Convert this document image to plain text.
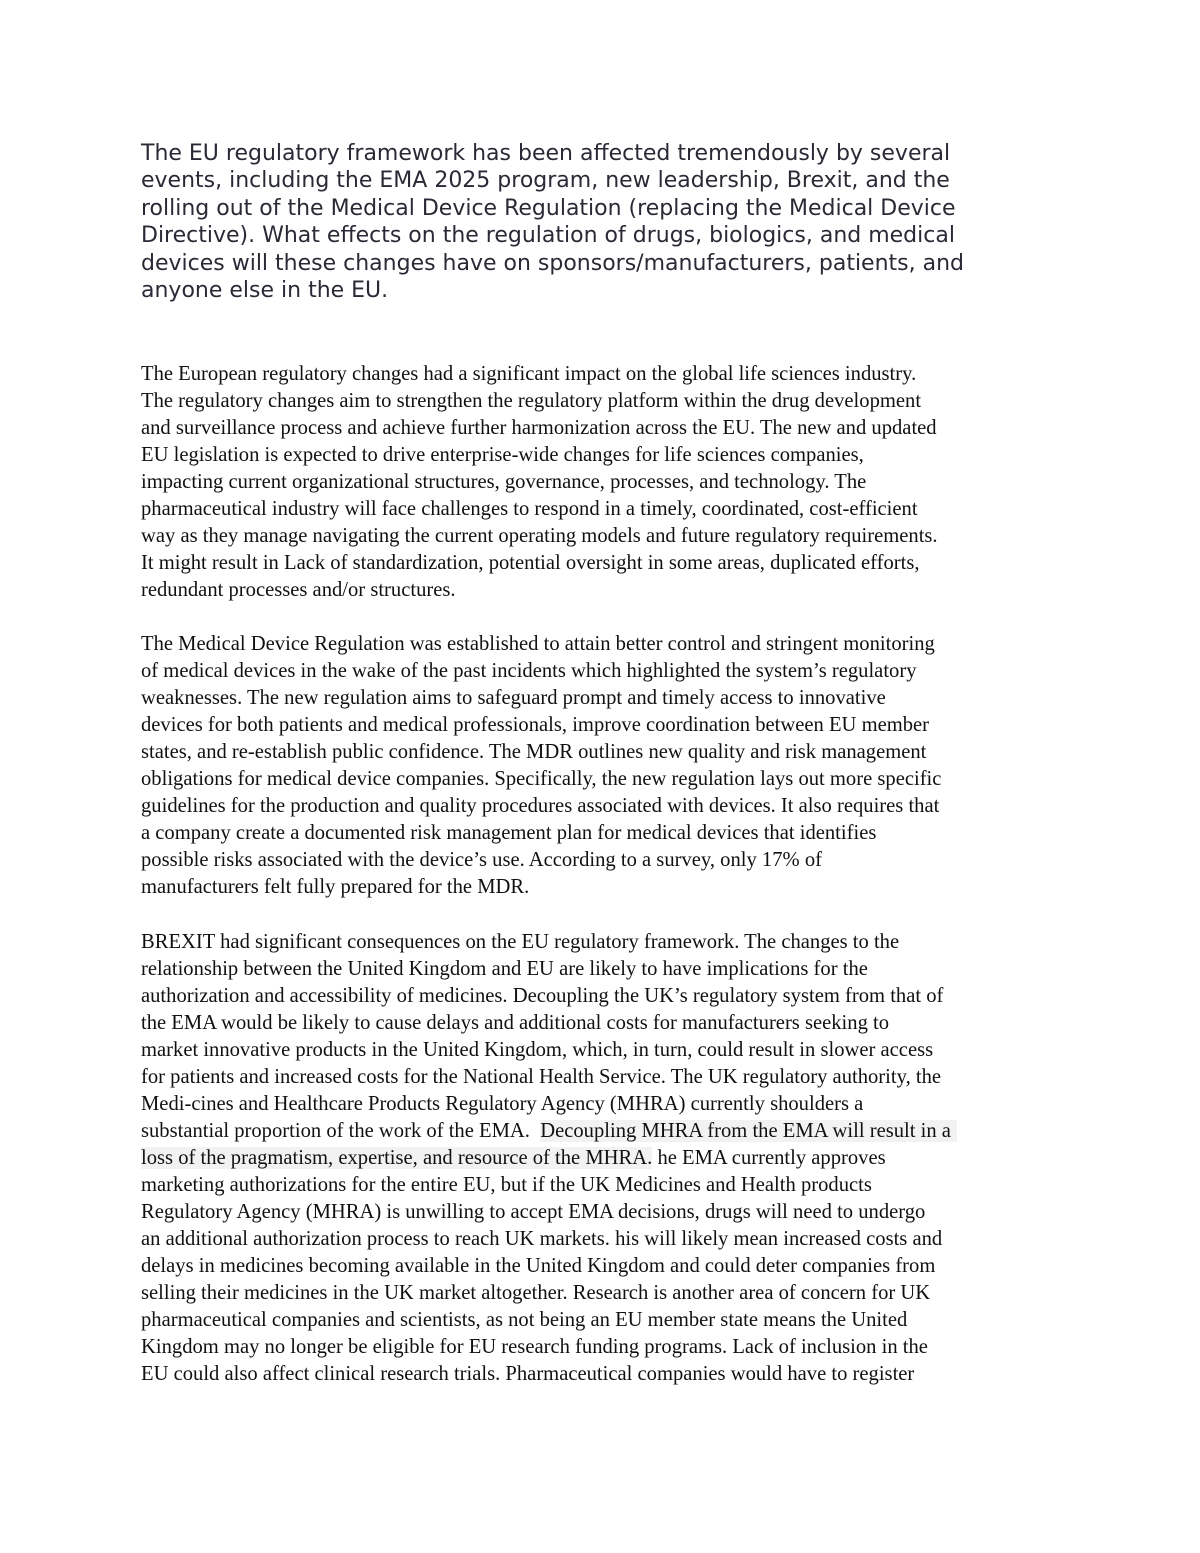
The EU regulatory framework has been affected tremendously by several
events, including the EMA 2025 program, new leadership, Brexit, and the
rolling out of the Medical Device Regulation (replacing the Medical Device
Directive). What effects on the regulation of drugs, biologics, and medical
devices will these changes have on sponsors/manufacturers, patients, and
anyone else in the EU.
The European regulatory changes had a significant impact on the global life sciences industry.
The regulatory changes aim to strengthen the regulatory platform within the drug development
and surveillance process and achieve further harmonization across the EU. The new and updated
EU legislation is expected to drive enterprise-wide changes for life sciences companies,
impacting current organizational structures, governance, processes, and technology. The
pharmaceutical industry will face challenges to respond in a timely, coordinated, cost-efficient
way as they manage navigating the current operating models and future regulatory requirements.
It might result in Lack of standardization, potential oversight in some areas, duplicated efforts,
redundant processes and/or structures.
The Medical Device Regulation was established to attain better control and stringent monitoring
of medical devices in the wake of the past incidents which highlighted the system’s regulatory
weaknesses. The new regulation aims to safeguard prompt and timely access to innovative
devices for both patients and medical professionals, improve coordination between EU member
states, and re-establish public confidence. The MDR outlines new quality and risk management
obligations for medical device companies. Specifically, the new regulation lays out more specific
guidelines for the production and quality procedures associated with devices. It also requires that
a company create a documented risk management plan for medical devices that identifies
possible risks associated with the device’s use. According to a survey, only 17% of
manufacturers felt fully prepared for the MDR.
BREXIT had significant consequences on the EU regulatory framework. The changes to the
relationship between the United Kingdom and EU are likely to have implications for the
authorization and accessibility of medicines. Decoupling the UK’s regulatory system from that of
the EMA would be likely to cause delays and additional costs for manufacturers seeking to
market innovative products in the United Kingdom, which, in turn, could result in slower access
for patients and increased costs for the National Health Service. The UK regulatory authority, the
Medi-cines and Healthcare Products Regulatory Agency (MHRA) currently shoulders a
substantial proportion of the work of the EMA.  Decoupling MHRA from the EMA will result in a
loss of the pragmatism, expertise, and resource of the MHRA. he EMA currently approves
marketing authorizations for the entire EU, but if the UK Medicines and Health products
Regulatory Agency (MHRA) is unwilling to accept EMA decisions, drugs will need to undergo
an additional authorization process to reach UK markets. his will likely mean increased costs and
delays in medicines becoming available in the United Kingdom and could deter companies from
selling their medicines in the UK market altogether. Research is another area of concern for UK
pharmaceutical companies and scientists, as not being an EU member state means the United
Kingdom may no longer be eligible for EU research funding programs. Lack of inclusion in the
EU could also affect clinical research trials. Pharmaceutical companies would have to register
